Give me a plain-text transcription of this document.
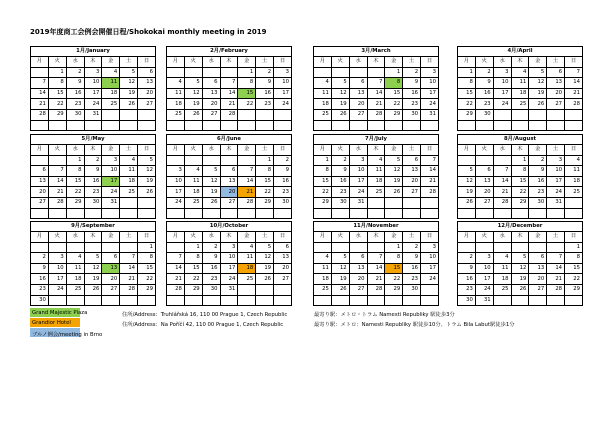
2019年度商工会例会開催日程/Shokokai monthly meeting in 2019
1月/January						
月	火	水	木	金	土	日
	1	2	3	4	5	6
7	8	9	10	11	12	13
14	15	16	17	18	19	20
21	22	23	24	25	26	27
28	29	30	31			

2月/February						
月	火	水	木	金	土	日
				1	2	3
4	5	6	7	8	9	10
11	12	13	14	15	16	17
18	19	20	21	22	23	24
25	26	27	28			

3月/March						
月	火	水	木	金	土	日
				1	2	3
4	5	6	7	8	9	10
11	12	13	14	15	16	17
18	19	20	21	22	23	24
25	26	27	28	29	30	31

4月/April						
月	火	水	木	金	土	日
1	2	3	4	5	6	7
8	9	10	11	12	13	14
15	16	17	18	19	20	21
22	23	24	25	26	27	28
29	30					

5月/May						
月	火	水	木	金	土	日
		1	2	3	4	5
6	7	8	9	10	11	12
13	14	15	16	17	18	19
20	21	22	23	24	25	26
27	28	29	30	31		

6月/June						
月	火	水	木	金	土	日
					1	2
3	4	5	6	7	8	9
10	11	12	13	14	15	16
17	18	19	20	21	22	23
24	25	26	27	28	29	30

7月/July						
月	火	水	木	金	土	日
1	2	3	4	5	6	7
8	9	10	11	12	13	14
15	16	17	18	19	20	21
22	23	24	25	26	27	28
29	30	31				

8月/August						
月	火	水	木	金	土	日
			1	2	3	4
5	6	7	8	9	10	11
12	13	14	15	16	17	18
19	20	21	22	23	24	25
26	27	28	29	30	31	

9月/September						
月	火	水	木	金	土	日
						1
2	3	4	5	6	7	8
9	10	11	12	13	14	15
16	17	18	19	20	21	22
23	24	25	26	27	28	29
30						
10月/October						
月	火	水	木	金	土	日
	1	2	3	4	5	6
7	8	9	10	11	12	13
14	15	16	17	18	19	20
21	22	23	24	25	26	27
28	29	30	31			

11月/November						
月	火	水	木	金	土	日
				1	2	3
4	5	6	7	8	9	10
11	12	13	14	15	16	17
18	19	20	21	22	23	24
25	26	27	28	29	30	

12月/December						
月	火	水	木	金	土	日
						1
2	3	4	5	6	7	8
9	10	11	12	13	14	15
16	17	18	19	20	21	22
23	24	25	26	27	28	29
30	31					
Grand Majestic Plaza	住所/Address：Truhlářská 16, 110 00 Prague 1, Czech Republic	最寄り駅：メトロ・トラム Namesti Republiky 駅徒歩3分
Grandior Hotel	住所/Address：Na Poříčí 42, 110 00 Prague 1, Czech Republic	最寄り駅：メトロ：Namesti Republiky 駅徒歩10分、トラム Bila Labut駅徒歩1分
ブルノ例会/meeting in Brno
